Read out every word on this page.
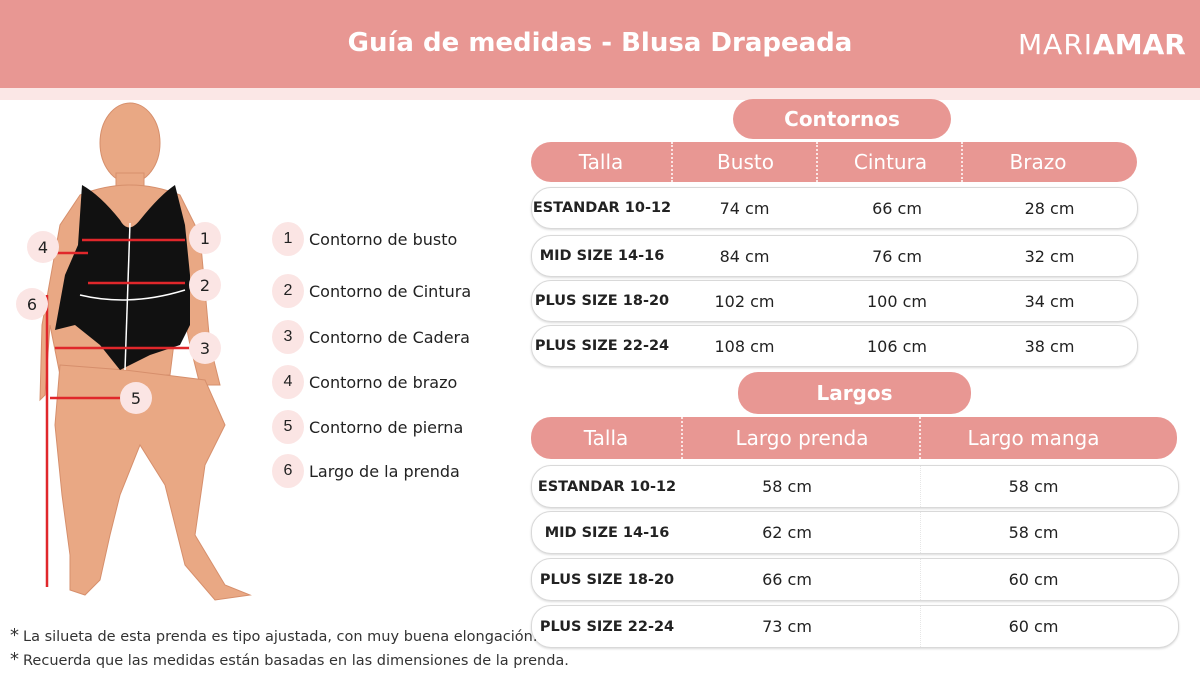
Guía de medidas - Blusa Drapeada	MARIAMAR
1
2
3
4
5
6
1 Contorno de busto
2 Contorno de Cintura
3 Contorno de Cadera
4 Contorno de brazo
5 Contorno de pierna
6 Largo de la prenda
Contornos
Talla	Busto	Cintura	Brazo
ESTANDAR 10-12	74 cm	66 cm	28 cm
MID SIZE 14-16	84 cm	76 cm	32 cm
PLUS SIZE 18-20	102 cm	100 cm	34 cm
PLUS SIZE 22-24	108 cm	106 cm	38 cm
Largos
Talla	Largo prenda	Largo manga
ESTANDAR 10-12	58 cm	58 cm
MID SIZE 14-16	62 cm	58 cm
PLUS SIZE 18-20	66 cm	60 cm
PLUS SIZE 22-24	73 cm	60 cm
* La silueta de esta prenda es tipo ajustada, con muy buena elongación.
* Recuerda que las medidas están basadas en las dimensiones de la prenda.
